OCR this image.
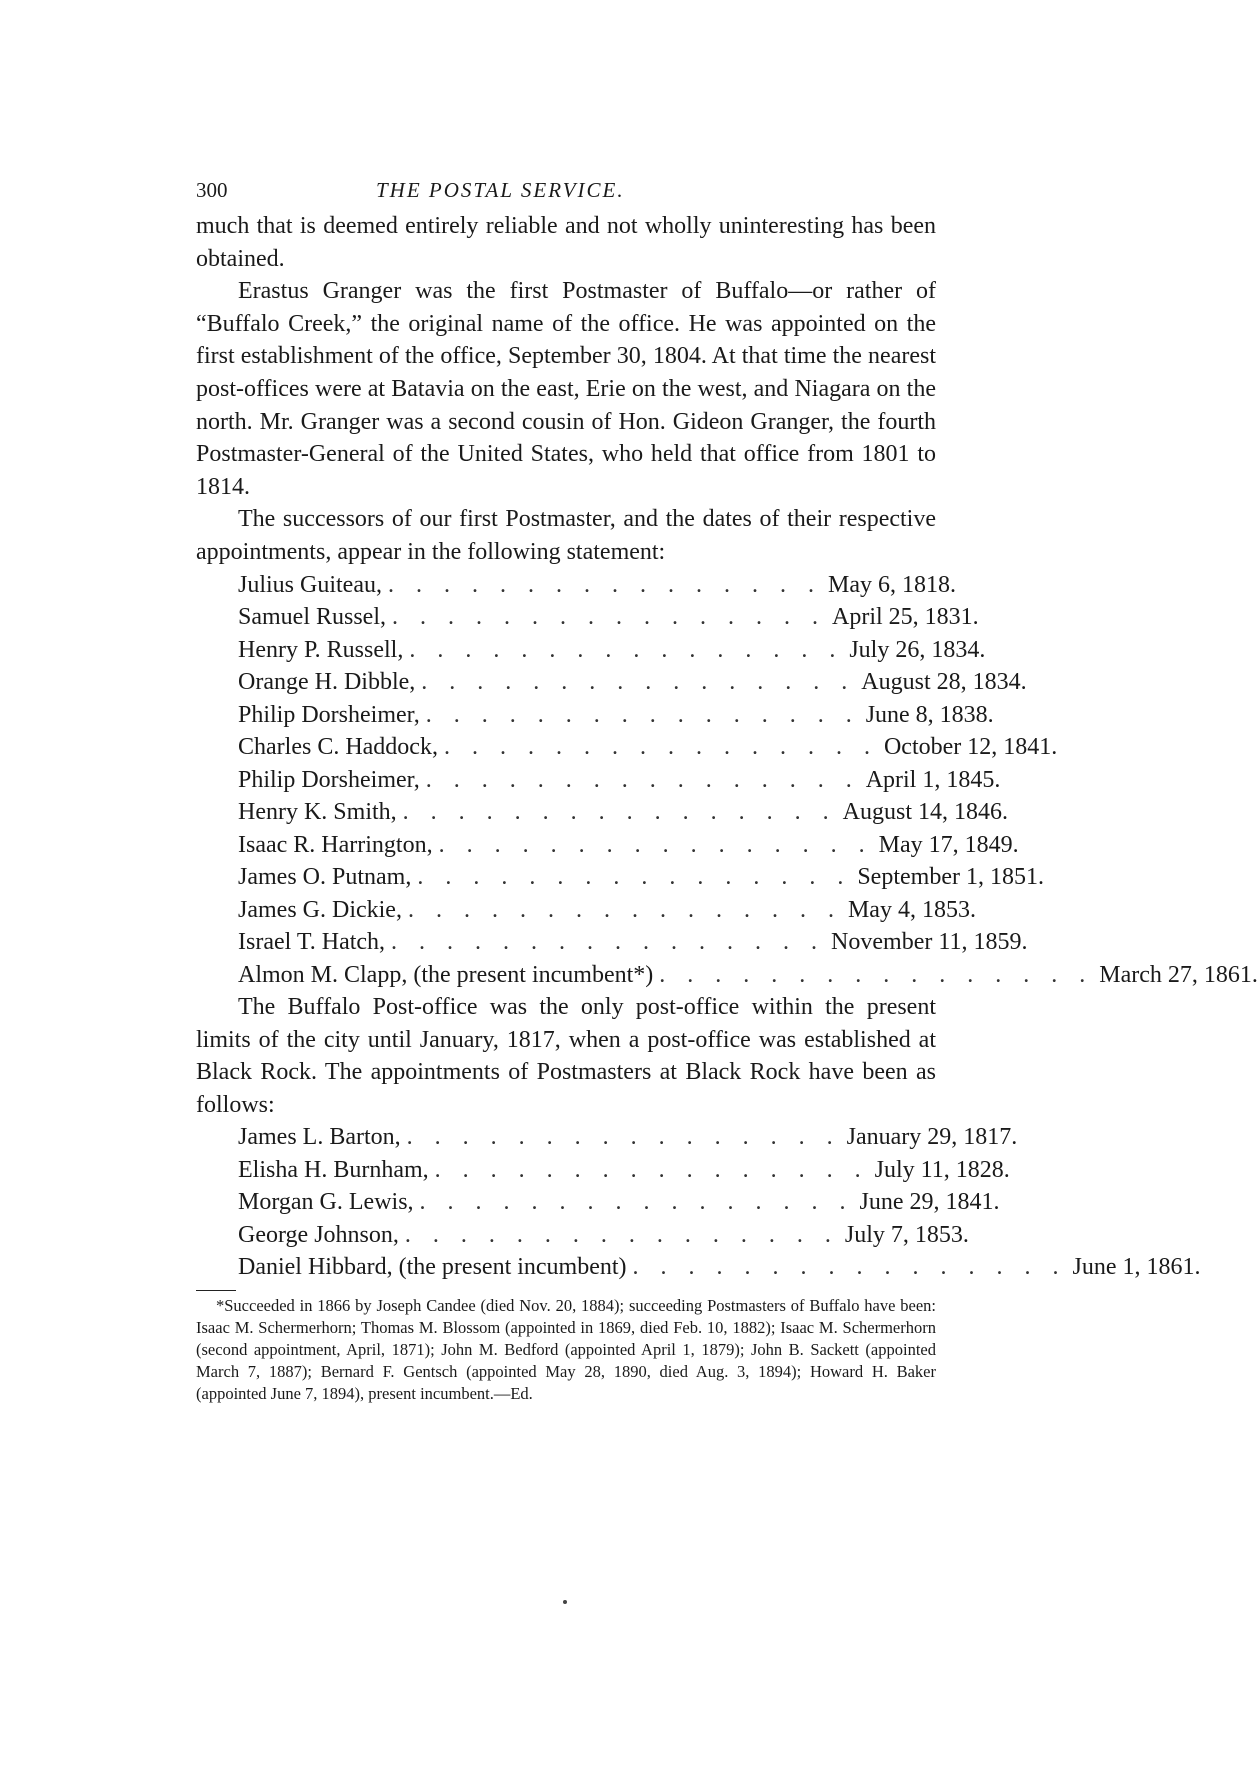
300	THE POSTAL SERVICE.

much that is deemed entirely reliable and not wholly uninteresting has been obtained.

Erastus Granger was the first Postmaster of Buffalo—or rather of “Buffalo Creek,” the original name of the office. He was appointed on the first establishment of the office, September 30, 1804. At that time the nearest post-offices were at Batavia on the east, Erie on the west, and Niagara on the north. Mr. Granger was a second cousin of Hon. Gideon Granger, the fourth Postmaster-General of the United States, who held that office from 1801 to 1814.

The successors of our first Postmaster, and the dates of their respective appointments, appear in the following statement:

Julius Guiteau, . . . . . . . . . . . . . . . . May 6, 1818.
Samuel Russel, . . . . . . . . . . . . . . . . April 25, 1831.
Henry P. Russell, . . . . . . . . . . . . . . . . July 26, 1834.
Orange H. Dibble, . . . . . . . . . . . . . . . . August 28, 1834.
Philip Dorsheimer, . . . . . . . . . . . . . . . . June 8, 1838.
Charles C. Haddock, . . . . . . . . . . . . . . . . October 12, 1841.
Philip Dorsheimer, . . . . . . . . . . . . . . . . April 1, 1845.
Henry K. Smith, . . . . . . . . . . . . . . . . August 14, 1846.
Isaac R. Harrington, . . . . . . . . . . . . . . . . May 17, 1849.
James O. Putnam, . . . . . . . . . . . . . . . . September 1, 1851.
James G. Dickie, . . . . . . . . . . . . . . . . May 4, 1853.
Israel T. Hatch, . . . . . . . . . . . . . . . . November 11, 1859.
Almon M. Clapp, (the present incumbent*) . . . . . . . . . . . . . . . . March 27, 1861.

The Buffalo Post-office was the only post-office within the present limits of the city until January, 1817, when a post-office was established at Black Rock. The appointments of Postmasters at Black Rock have been as follows:

James L. Barton, . . . . . . . . . . . . . . . . January 29, 1817.
Elisha H. Burnham, . . . . . . . . . . . . . . . . July 11, 1828.
Morgan G. Lewis, . . . . . . . . . . . . . . . . June 29, 1841.
George Johnson, . . . . . . . . . . . . . . . . July 7, 1853.
Daniel Hibbard, (the present incumbent) . . . . . . . . . . . . . . . . June 1, 1861.

*Succeeded in 1866 by Joseph Candee (died Nov. 20, 1884); succeeding Postmasters of Buffalo have been: Isaac M. Schermerhorn; Thomas M. Blossom (appointed in 1869, died Feb. 10, 1882); Isaac M. Schermerhorn (second appointment, April, 1871); John M. Bedford (appointed April 1, 1879); John B. Sackett (appointed March 7, 1887); Bernard F. Gentsch (appointed May 28, 1890, died Aug. 3, 1894); Howard H. Baker (appointed June 7, 1894), present incumbent.—Ed.
